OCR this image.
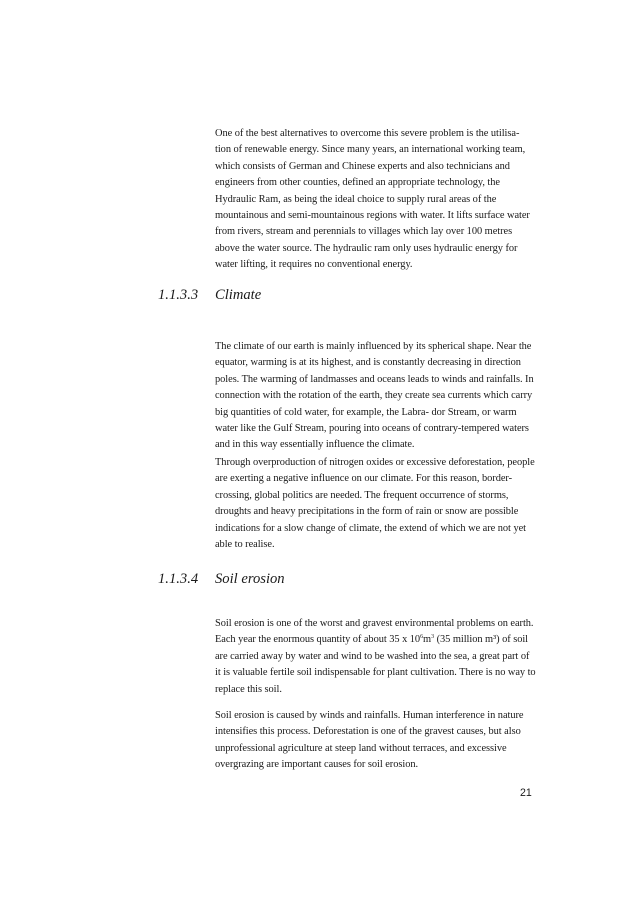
One of the best alternatives to overcome this severe problem is the utilisa- tion of renewable energy. Since many years, an international working team, which consists of German and Chinese experts and also technicians and engineers from other counties, defined an appropriate technology, the Hydraulic Ram, as being the ideal choice to supply rural areas of the mountainous and semi-mountainous regions with water. It lifts surface water from rivers, stream and perennials to villages which lay over 100 metres above the water source. The hydraulic ram only uses hydraulic energy for water lifting, it requires no conventional energy.

1.1.3.3	Climate

The climate of our earth is mainly influenced by its spherical shape. Near the equator, warming is at its highest, and is constantly decreasing in direction poles. The warming of landmasses and oceans leads to winds and rainfalls. In connection with the rotation of the earth, they create sea currents which carry big quantities of cold water, for example, the Labra- dor Stream, or warm water like the Gulf Stream, pouring into oceans of contrary-tempered waters and in this way essentially influence the climate.

Through overproduction of nitrogen oxides or excessive deforestation, people are exerting a negative influence on our climate. For this reason, border-crossing, global politics are needed. The frequent occurrence of storms, droughts and heavy precipitations in the form of rain or snow are possible indications for a slow change of climate, the extend of which we are not yet able to realise.

1.1.3.4	Soil erosion

Soil erosion is one of the worst and gravest environmental problems on earth. Each year the enormous quantity of about 35 x $10^6m^3$ (35 million m³) of soil are carried away by water and wind to be washed into the sea, a great part of it is valuable fertile soil indispensable for plant cultivation. There is no way to replace this soil.

Soil erosion is caused by winds and rainfalls. Human interference in nature intensifies this process. Deforestation is one of the gravest causes, but also unprofessional agriculture at steep land without terraces, and excessive overgrazing are important causes for soil erosion.

21
